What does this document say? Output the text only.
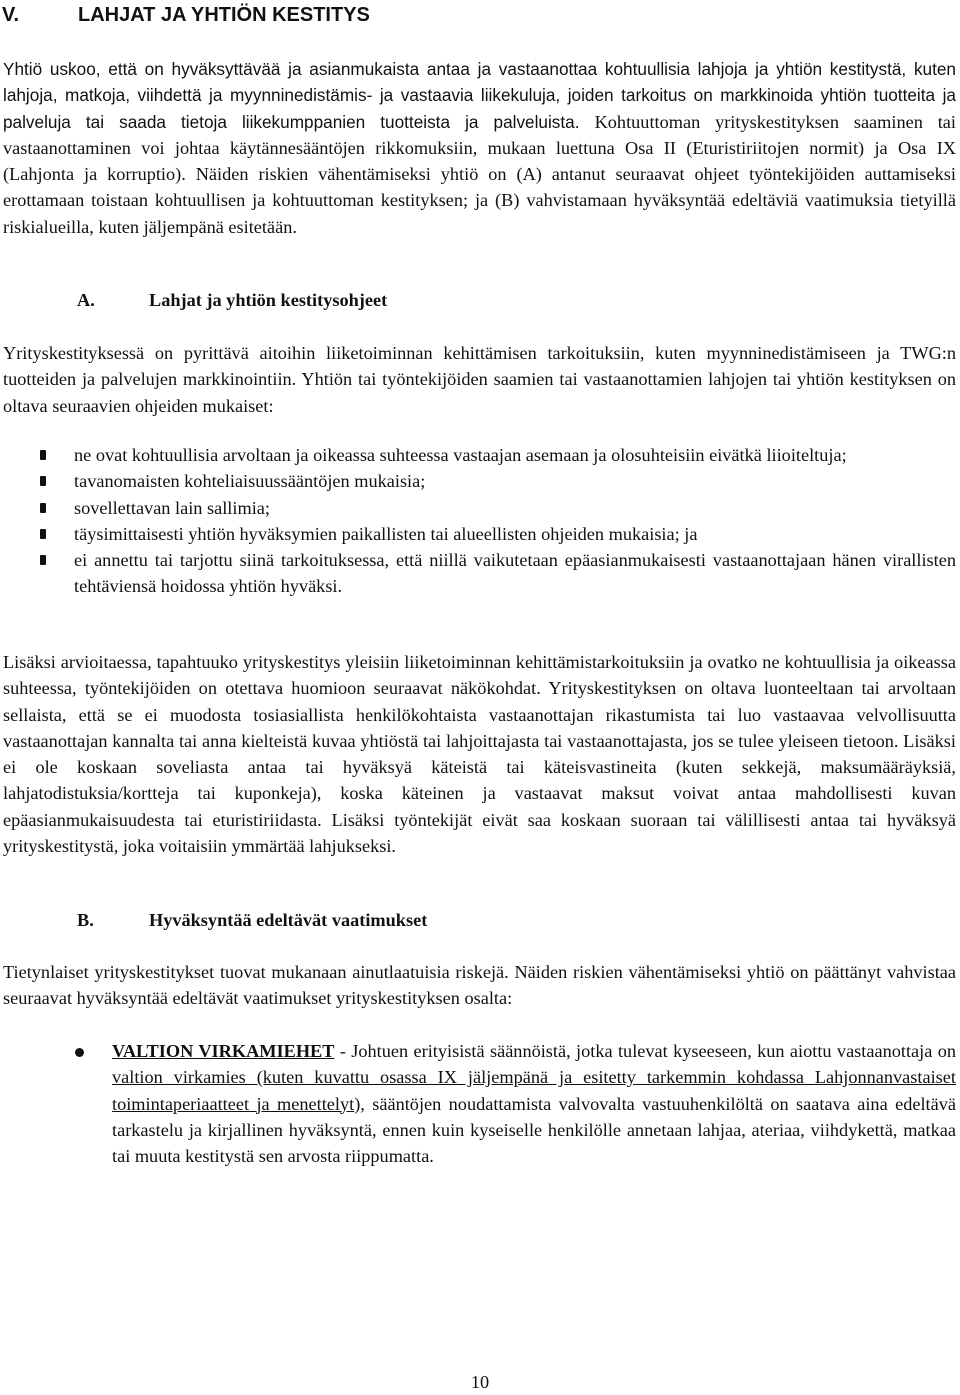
V.	LAHJAT JA YHTIÖN KESTITYS

Yhtiö uskoo, että on hyväksyttävää ja asianmukaista antaa ja vastaanottaa kohtuullisia lahjoja ja yhtiön kestitystä, kuten lahjoja, matkoja, viihdettä ja myynninedistämis- ja vastaavia liikekuluja, joiden tarkoitus on markkinoida yhtiön tuotteita ja palveluja tai saada tietoja liikekumppanien tuotteista ja palveluista. Kohtuuttoman yrityskestityksen saaminen tai vastaanottaminen voi johtaa käytännesääntöjen rikkomuksiin, mukaan luettuna Osa II (Eturistiriitojen normit) ja Osa IX (Lahjonta ja korruptio). Näiden riskien vähentämiseksi yhtiö on (A) antanut seuraavat ohjeet työntekijöiden auttamiseksi erottamaan toistaan kohtuullisen ja kohtuuttoman kestityksen; ja (B) vahvistamaan hyväksyntää edeltäviä vaatimuksia tietyillä riskialueilla, kuten jäljempänä esitetään.

A.	Lahjat ja yhtiön kestitysohjeet

Yrityskestityksessä on pyrittävä aitoihin liiketoiminnan kehittämisen tarkoituksiin, kuten myynninedistämiseen ja TWG:n tuotteiden ja palvelujen markkinointiin. Yhtiön tai työntekijöiden saamien tai vastaanottamien lahjojen tai yhtiön kestityksen on oltava seuraavien ohjeiden mukaiset:

ne ovat kohtuullisia arvoltaan ja oikeassa suhteessa vastaajan asemaan ja olosuhteisiin eivätkä liioiteltuja;
tavanomaisten kohteliaisuussääntöjen mukaisia;
sovellettavan lain sallimia;
täysimittaisesti yhtiön hyväksymien paikallisten tai alueellisten ohjeiden mukaisia; ja
ei annettu tai tarjottu siinä tarkoituksessa, että niillä vaikutetaan epäasianmukaisesti vastaanottajaan hänen virallisten tehtäviensä hoidossa yhtiön hyväksi.

Lisäksi arvioitaessa, tapahtuuko yrityskestitys yleisiin liiketoiminnan kehittämistarkoituksiin ja ovatko ne kohtuullisia ja oikeassa suhteessa, työntekijöiden on otettava huomioon seuraavat näkökohdat. Yrityskestityksen on oltava luonteeltaan tai arvoltaan sellaista, että se ei muodosta tosiasiallista henkilökohtaista vastaanottajan rikastumista tai luo vastaavaa velvollisuutta vastaanottajan kannalta tai anna kielteistä kuvaa yhtiöstä tai lahjoittajasta tai vastaanottajasta, jos se tulee yleiseen tietoon. Lisäksi ei ole koskaan soveliasta antaa tai hyväksyä käteistä tai käteisvastineita (kuten sekkejä, maksumääräyksiä, lahjatodistuksia/kortteja tai kuponkeja), koska käteinen ja vastaavat maksut voivat antaa mahdollisesti kuvan epäasianmukaisuudesta tai eturistiriidasta. Lisäksi työntekijät eivät saa koskaan suoraan tai välillisesti antaa tai hyväksyä yrityskestitystä, joka voitaisiin ymmärtää lahjukseksi.

B.	Hyväksyntää edeltävät vaatimukset

Tietynlaiset yrityskestitykset tuovat mukanaan ainutlaatuisia riskejä. Näiden riskien vähentämiseksi yhtiö on päättänyt vahvistaa seuraavat hyväksyntää edeltävät vaatimukset yrityskestityksen osalta:

VALTION VIRKAMIEHET - Johtuen erityisistä säännöistä, jotka tulevat kyseeseen, kun aiottu vastaanottaja on valtion virkamies (kuten kuvattu osassa IX jäljempänä ja esitetty tarkemmin kohdassa Lahjonnanvastaiset toimintaperiaatteet ja menettelyt), sääntöjen noudattamista valvovalta vastuuhenkilöltä on saatava aina edeltävä tarkastelu ja kirjallinen hyväksyntä, ennen kuin kyseiselle henkilölle annetaan lahjaa, ateriaa, viihdykettä, matkaa tai muuta kestitystä sen arvosta riippumatta.
10
